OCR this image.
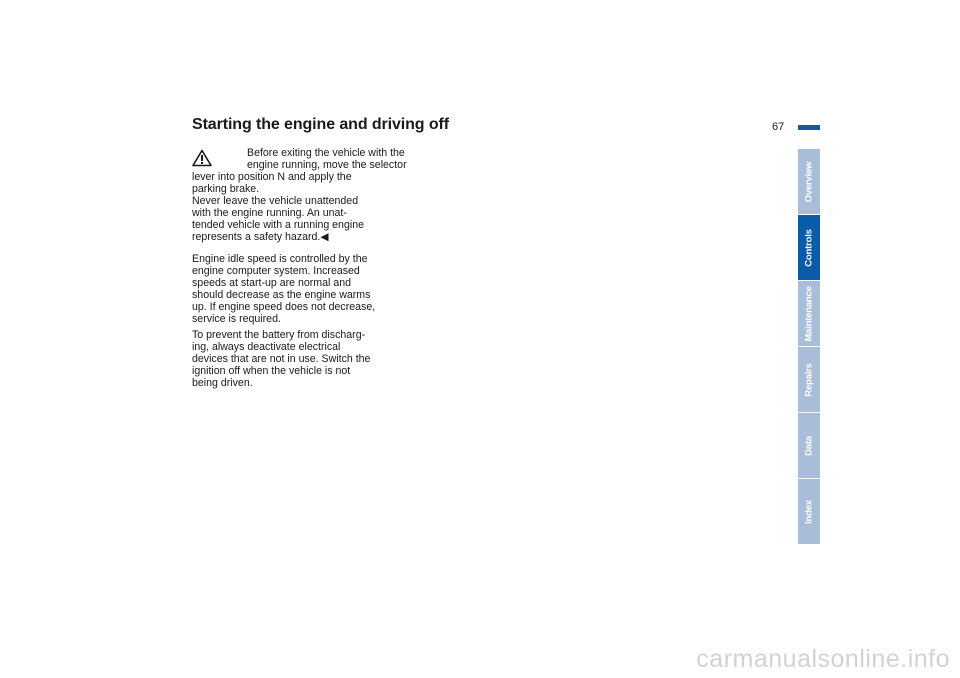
Starting the engine and driving off	67

Before exiting the vehicle with the

engine running, move the selector

lever into position N and apply the

parking brake.

Never leave the vehicle unattended

with the engine running. An unat-

tended vehicle with a running engine

represents a safety hazard.◀

Engine idle speed is controlled by the

engine computer system. Increased

speeds at start-up are normal and

should decrease as the engine warms

up. If engine speed does not decrease,

service is required.

To prevent the battery from discharg-

ing, always deactivate electrical

devices that are not in use. Switch the

ignition off when the vehicle is not

being driven.

Overview
Controls
Maintenance
Repairs
Data
Index
carmanualsonline.info
